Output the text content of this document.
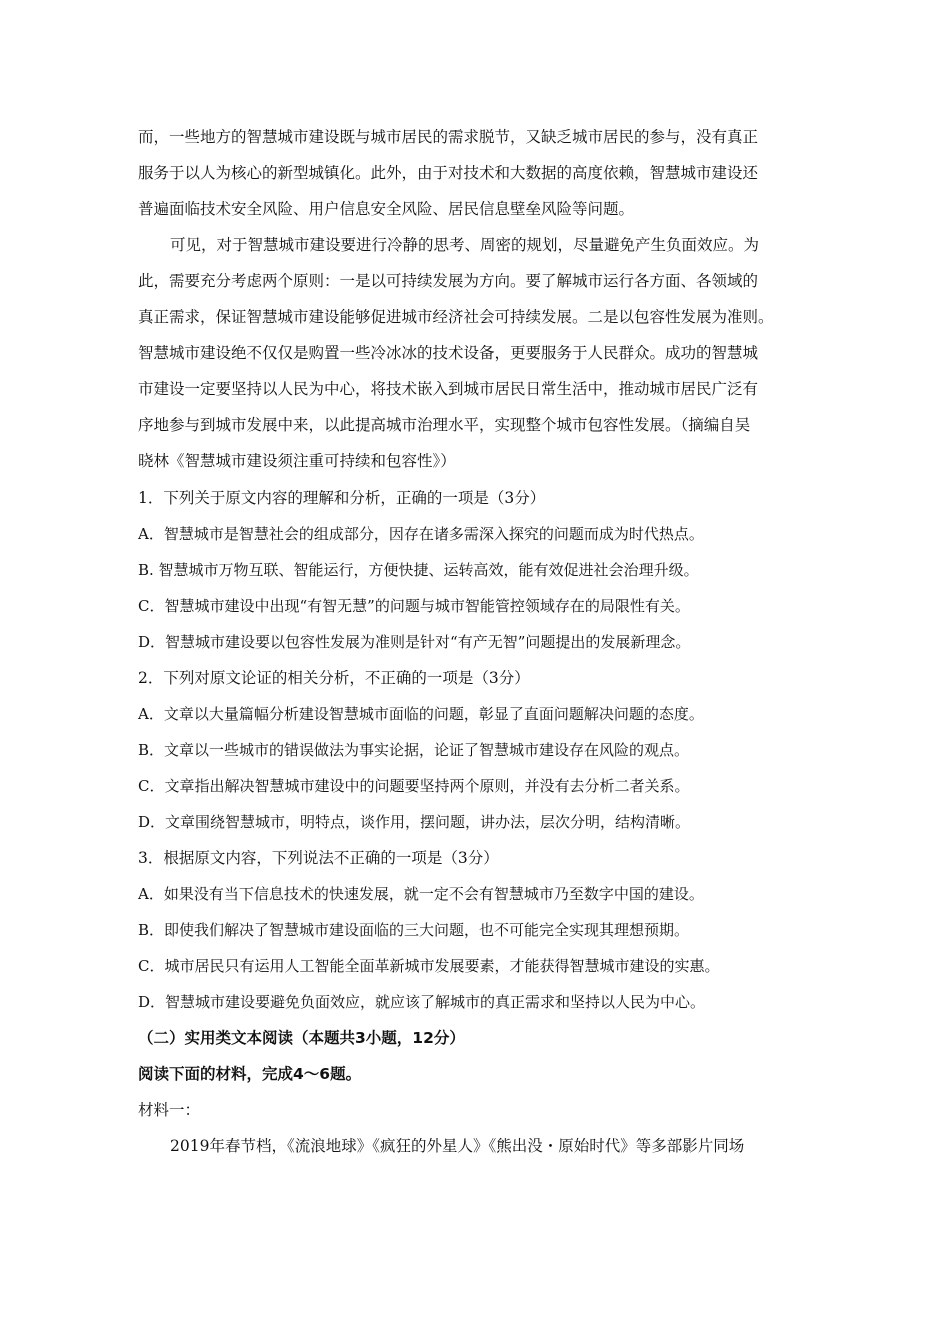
而，一些地方的智慧城市建设既与城市居民的需求脱节，又缺乏城市居民的参与，没有真正
服务于以人为核心的新型城镇化。此外，由于对技术和大数据的高度依赖，智慧城市建设还
普遍面临技术安全风险、用户信息安全风险、居民信息壁垒风险等问题。
可见，对于智慧城市建设要进行冷静的思考、周密的规划，尽量避免产生负面效应。为
此，需要充分考虑两个原则：一是以可持续发展为方向。要了解城市运行各方面、各领域的
真正需求，保证智慧城市建设能够促进城市经济社会可持续发展。二是以包容性发展为准则。
智慧城市建设绝不仅仅是购置一些冷冰冰的技术设备，更要服务于人民群众。成功的智慧城
市建设一定要坚持以人民为中心，将技术嵌入到城市居民日常生活中，推动城市居民广泛有
序地参与到城市发展中来，以此提高城市治理水平，实现整个城市包容性发展。（摘编自吴
晓林《智慧城市建设须注重可持续和包容性》）
1．下列关于原文内容的理解和分析，正确的一项是（3分）
A．智慧城市是智慧社会的组成部分，因存在诸多需深入探究的问题而成为时代热点。
B. 智慧城市万物互联、智能运行，方便快捷、运转高效，能有效促进社会治理升级。
C．智慧城市建设中出现“有智无慧”的问题与城市智能管控领域存在的局限性有关。
D．智慧城市建设要以包容性发展为准则是针对“有产无智”问题提出的发展新理念。
2．下列对原文论证的相关分析，不正确的一项是（3分）
A．文章以大量篇幅分析建设智慧城市面临的问题，彰显了直面问题解决问题的态度。
B．文章以一些城市的错误做法为事实论据，论证了智慧城市建设存在风险的观点。
C．文章指出解决智慧城市建设中的问题要坚持两个原则，并没有去分析二者关系。
D．文章围绕智慧城市，明特点，谈作用，摆问题，讲办法，层次分明，结构清晰。
3．根据原文内容，下列说法不正确的一项是（3分）
A．如果没有当下信息技术的快速发展，就一定不会有智慧城市乃至数字中国的建设。
B．即使我们解决了智慧城市建设面临的三大问题，也不可能完全实现其理想预期。
C．城市居民只有运用人工智能全面革新城市发展要素，才能获得智慧城市建设的实惠。
D．智慧城市建设要避免负面效应，就应该了解城市的真正需求和坚持以人民为中心。
（二）实用类文本阅读（本题共3小题，12分）
阅读下面的材料，完成4～6题。
材料一：
2019年春节档，《流浪地球》《疯狂的外星人》《熊出没・原始时代》等多部影片同场
